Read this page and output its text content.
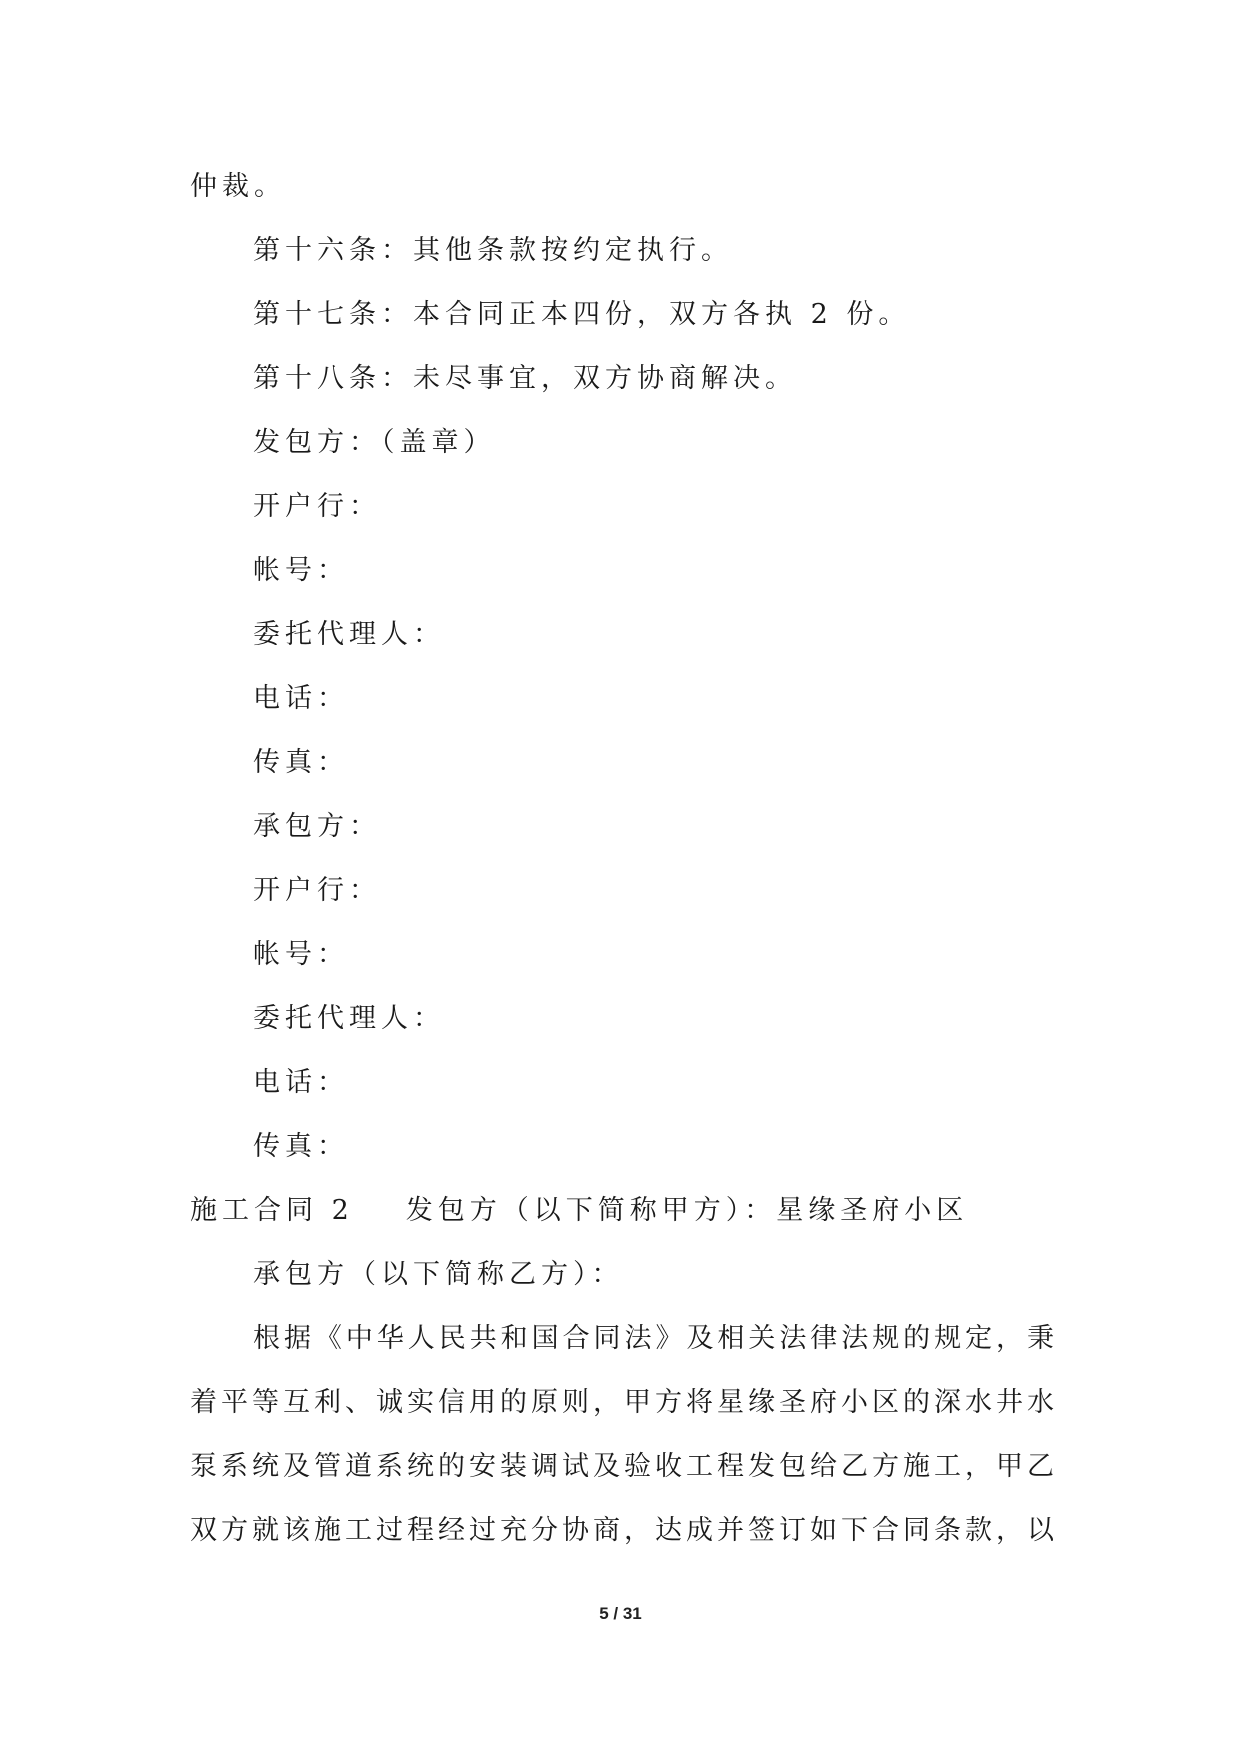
仲裁。
第十六条：其他条款按约定执行。
第十七条：本合同正本四份，双方各执 2 份。
第十八条：未尽事宜，双方协商解决。
发包方：（盖章）
开户行：
帐号：
委托代理人：
电话：
传真：
承包方：
开户行：
帐号：
委托代理人：
电话：
传真：
施工合同 2 发包方（以下简称甲方）：星缘圣府小区
承包方（以下简称乙方）：
根据《中华人民共和国合同法》及相关法律法规的规定，秉
着平等互利、诚实信用的原则，甲方将星缘圣府小区的深水井水
泵系统及管道系统的安装调试及验收工程发包给乙方施工，甲乙
双方就该施工过程经过充分协商，达成并签订如下合同条款，以
5 / 31
